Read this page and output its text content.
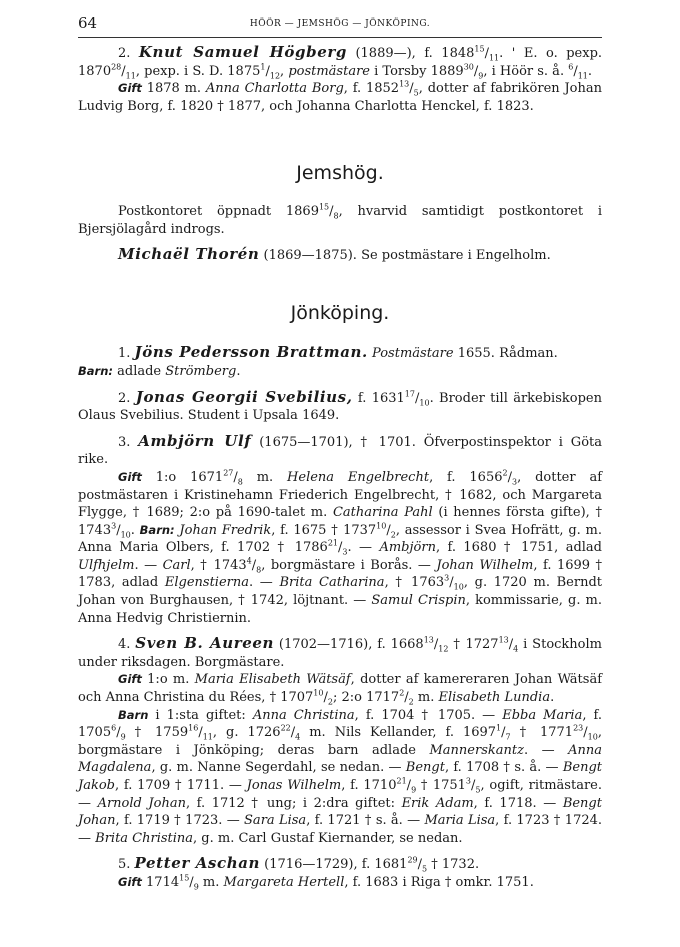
64	HÖÖR — JEMSHÖG — JÖNKÖPING.

2. Knut Samuel Högberg (1889—), f. $1848^{15}/_{11}$. ' E. o. pexp. $1870^{28}/_{11}$, pexp. i S. D. $1875^1/_{12}$, postmästare i Torsby $1889^{30}/_9$, i Höör s. å. $^6/_{11}$.

Gift 1878 m. Anna Charlotta Borg, f. $1852^{13}/_5$, dotter af fabrikören Johan Ludvig Borg, f. 1820 † 1877, och Johanna Charlotta Henckel, f. 1823.

Jemshög.

Postkontoret öppnadt $1869^{15}/_8$, hvarvid samtidigt postkontoret i Bjersjölagård indrogs.

Michaël Thorén (1869—1875). Se postmästare i Engelholm.

Jönköping.

1. Jöns Pedersson Brattman. Postmästare 1655. Rådman.

Barn: adlade Strömberg.

2. Jonas Georgii Svebilius, f. $1631^{17}/_{10}$. Broder till ärkebiskopen Olaus Svebilius. Student i Upsala 1649.

3. Ambjörn Ulf (1675—1701), † 1701. Öfverpostinspektor i Göta rike.

Gift 1:o $1671^{27}/_8$ m. Helena Engelbrecht, f. $1656^2/_3$, dotter af postmästaren i Kristinehamn Friederich Engelbrecht, † 1682, och Margareta Flygge, † 1689; 2:o på 1690-talet m. Catharina Pahl (i hennes första gifte), † $1743^3/_{10}$. Barn: Johan Fredrik, f. 1675 † $1737^{10}/_2$, assessor i Svea Hofrätt, g. m. Anna Maria Olbers, f. 1702 † $1786^{21}/_3$. — Ambjörn, f. 1680 † 1751, adlad Ulfhjelm. — Carl, † $1743^4/_8$, borgmästare i Borås. — Johan Wilhelm, f. 1699 † 1783, adlad Elgenstierna. — Brita Catharina, † $1763^3/_{10}$, g. 1720 m. Berndt Johan von Burghausen, † 1742, löjtnant. — Samul Crispin, kommissarie, g. m. Anna Hedvig Christiernin.

4. Sven B. Aureen (1702—1716), f. $1668^{13}/_{12}$ † $1727^{13}/_4$ i Stockholm under riksdagen. Borgmästare.

Gift 1:o m. Maria Elisabeth Wätsäf, dotter af kamereraren Johan Wätsäf och Anna Christina du Rées, † $1707^{10}/_2$; 2:o $1717^2/_2$ m. Elisabeth Lundia.

Barn i 1:sta giftet: Anna Christina, f. 1704 † 1705. — Ebba Maria, f. $1705^6/_9$ † $1759^{16}/_{11}$, g. $1726^{22}/_4$ m. Nils Kellander, f. $1697^1/_7$ † $1771^{23}/_{10}$, borgmästare i Jönköping; deras barn adlade Mannerskantz. — Anna Magdalena, g. m. Nanne Segerdahl, se nedan. — Bengt, f. 1708 † s. å. — Bengt Jakob, f. 1709 † 1711. — Jonas Wilhelm, f. $1710^{21}/_9$ † $1751^3/_5$, ogift, ritmästare. — Arnold Johan, f. 1712 † ung; i 2:dra giftet: Erik Adam, f. 1718. — Bengt Johan, f. 1719 † 1723. — Sara Lisa, f. 1721 † s. å. — Maria Lisa, f. 1723 † 1724. — Brita Christina, g. m. Carl Gustaf Kiernander, se nedan.

5. Petter Aschan (1716—1729), f. $1681^{29}/_5$ † 1732.

Gift $1714^{15}/_9$ m. Margareta Hertell, f. 1683 i Riga † omkr. 1751.
